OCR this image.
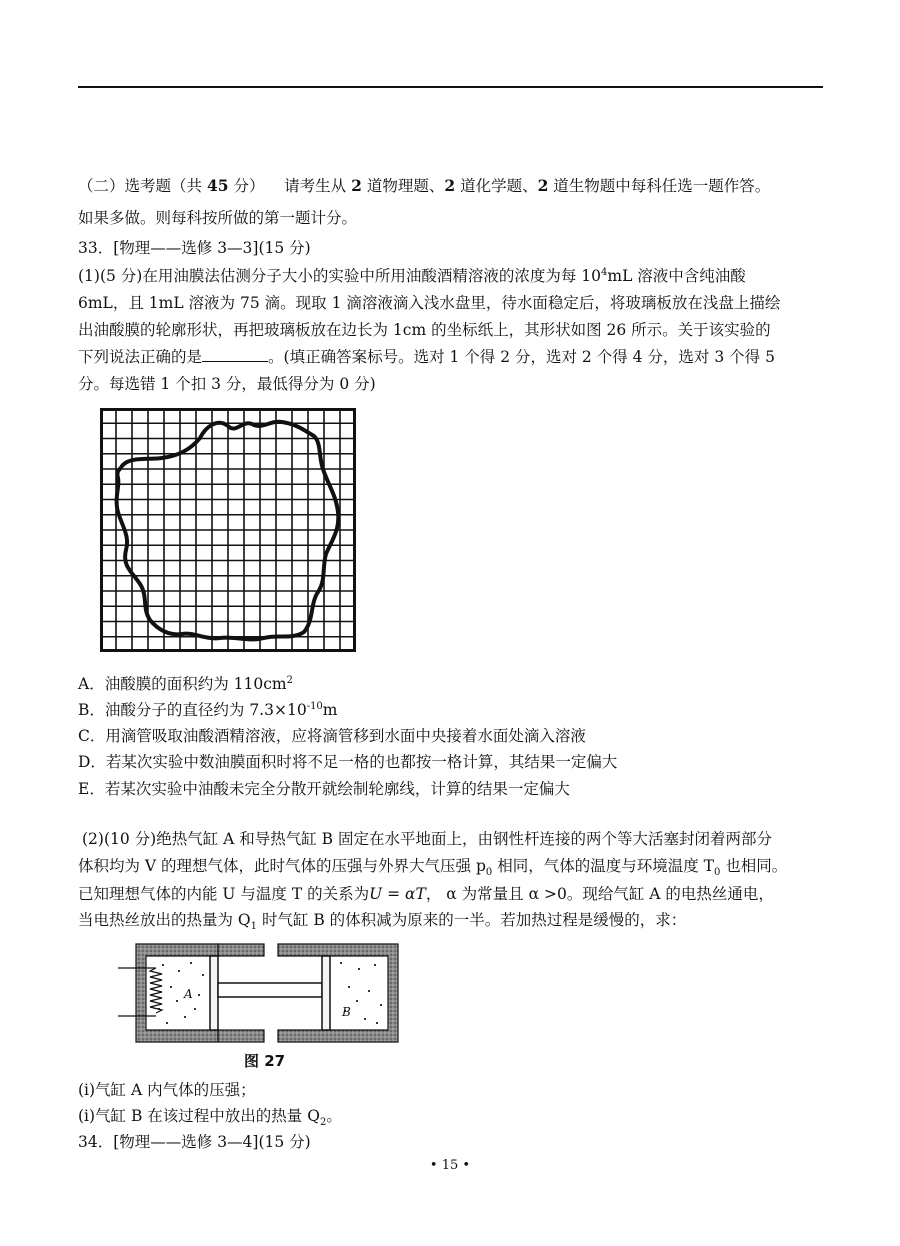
（二）选考题（共 45 分） 请考生从 2 道物理题、2 道化学题、2 道生物题中每科任选一题作答。
如果多做。则每科按所做的第一题计分。
33．[物理——选修 3—3](15 分)
(1)(5 分)在用油膜法估测分子大小的实验中所用油酸酒精溶液的浓度为每 $10^4mL$ 溶液中含纯油酸
6mL，且 1mL 溶液为 75 滴。现取 1 滴溶液滴入浅水盘里，待水面稳定后，将玻璃板放在浅盘上描绘
出油酸膜的轮廓形状，再把玻璃板放在边长为 1cm 的坐标纸上，其形状如图 26 所示。关于该实验的
下列说法正确的是	。(填正确答案标号。选对 1 个得 2 分，选对 2 个得 4 分，选对 3 个得 5
分。每选错 1 个扣 3 分，最低得分为 0 分)
A．油酸膜的面积约为 $110cm^2$
B．油酸分子的直径约为 $7.3\times 10^{-10}m$
C．用滴管吸取油酸酒精溶液，应将滴管移到水面中央接着水面处滴入溶液
D．若某次实验中数油膜面积时将不足一格的也都按一格计算，其结果一定偏大
E．若某次实验中油酸未完全分散开就绘制轮廓线，计算的结果一定偏大
(2)(10 分)绝热气缸 A 和导热气缸 B 固定在水平地面上，由钢性杆连接的两个等大活塞封闭着两部分
体积均为 V 的理想气体，此时气体的压强与外界大气压强 $p_0$ 相同，气体的温度与环境温度 $T_0$ 也相同。
已知理想气体的内能 U 与温度 T 的关系为U = αT， α 为常量且 α >0。现给气缸 A 的电热丝通电，
当电热丝放出的热量为 $Q_1$ 时气缸 B 的体积减为原来的一半。若加热过程是缓慢的，求：
A
B
图 27
(i)气缸 A 内气体的压强；
(i)气缸 B 在该过程中放出的热量 $Q_2$。
34．[物理——选修 3—4](15 分)
• 15 •
